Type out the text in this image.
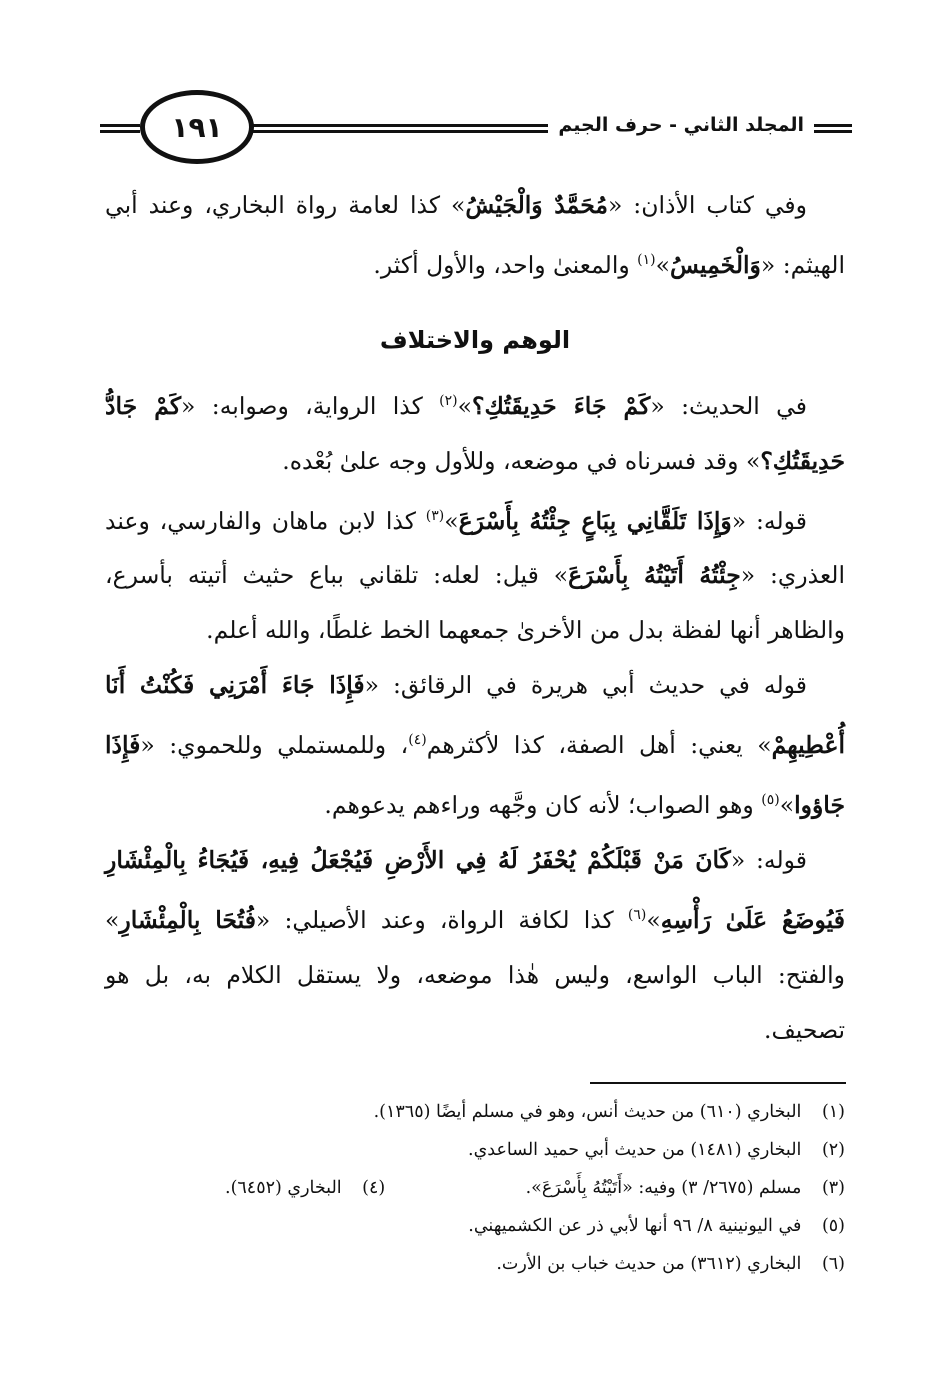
١٩١	المجلد الثاني - حرف الجيم

وفي كتاب الأذان: «مُحَمَّدٌ وَالْجَيْشُ» كذا لعامة رواة البخاري، وعند أبي الهيثم: «وَالْخَمِيسُ»$^{(١)}$ والمعنىٰ واحد، والأول أكثر.

الوهم والاختلاف

في الحديث: «كَمْ جَاءَ حَدِيقَتُكِ؟»$^{(٢)}$ كذا الرواية، وصوابه: «كَمْ جَادُّ حَدِيقَتُكِ؟» وقد فسرناه في موضعه، وللأول وجه علىٰ بُعْده.

قوله: «وَإِذَا تَلَقَّانِي بِبَاعٍ جِئْتُهُ بِأَسْرَعَ»$^{(٣)}$ كذا لابن ماهان والفارسي، وعند العذري: «جِئْتُهُ أَتَيْتُهُ بِأَسْرَعَ» قيل: لعله: تلقاني بباع حثيث أتيته بأسرع، والظاهر أنها لفظة بدل من الأخرىٰ جمعهما الخط غلطًا، والله أعلم.

قوله في حديث أبي هريرة في الرقائق: «فَإِذَا جَاءَ أَمْرَنِي فَكُنْتُ أَنَا أُعْطِيهِمْ» يعني: أهل الصفة، كذا لأكثرهم$^{(٤)}$، وللمستملي وللحموي: «فَإِذَا جَاؤوا»$^{(٥)}$ وهو الصواب؛ لأنه كان وجَّهه وراءهم يدعوهم.

قوله: «كَانَ مَنْ قَبْلَكُمْ يُحْفَرُ لَهُ فِي الأَرْضِ فَيُجْعَلُ فِيهِ، فَيُجَاءُ بِالْمِئْشَارِ فَيُوضَعُ عَلَىٰ رَأْسِهِ»$^{(٦)}$ كذا لكافة الرواة، وعند الأصيلي: «فُتُحَا بِالْمِئْشَارِ» والفتح: الباب الواسع، وليس هٰذا موضعه، ولا يستقل الكلام به، بل هو تصحيف.

(١) البخاري (٦١٠) من حديث أنس، وهو في مسلم أيضًا (١٣٦٥).
(٢) البخاري (١٤٨١) من حديث أبي حميد الساعدي.
(٣) مسلم (٢٦٧٥/ ٣) وفيه: «أَتَيْتُهُ بِأَسْرَعَ».
(٤) البخاري (٦٤٥٢).
(٥) في اليونينية ٨/ ٩٦ أنها لأبي ذر عن الكشميهني.
(٦) البخاري (٣٦١٢) من حديث خباب بن الأرت.
